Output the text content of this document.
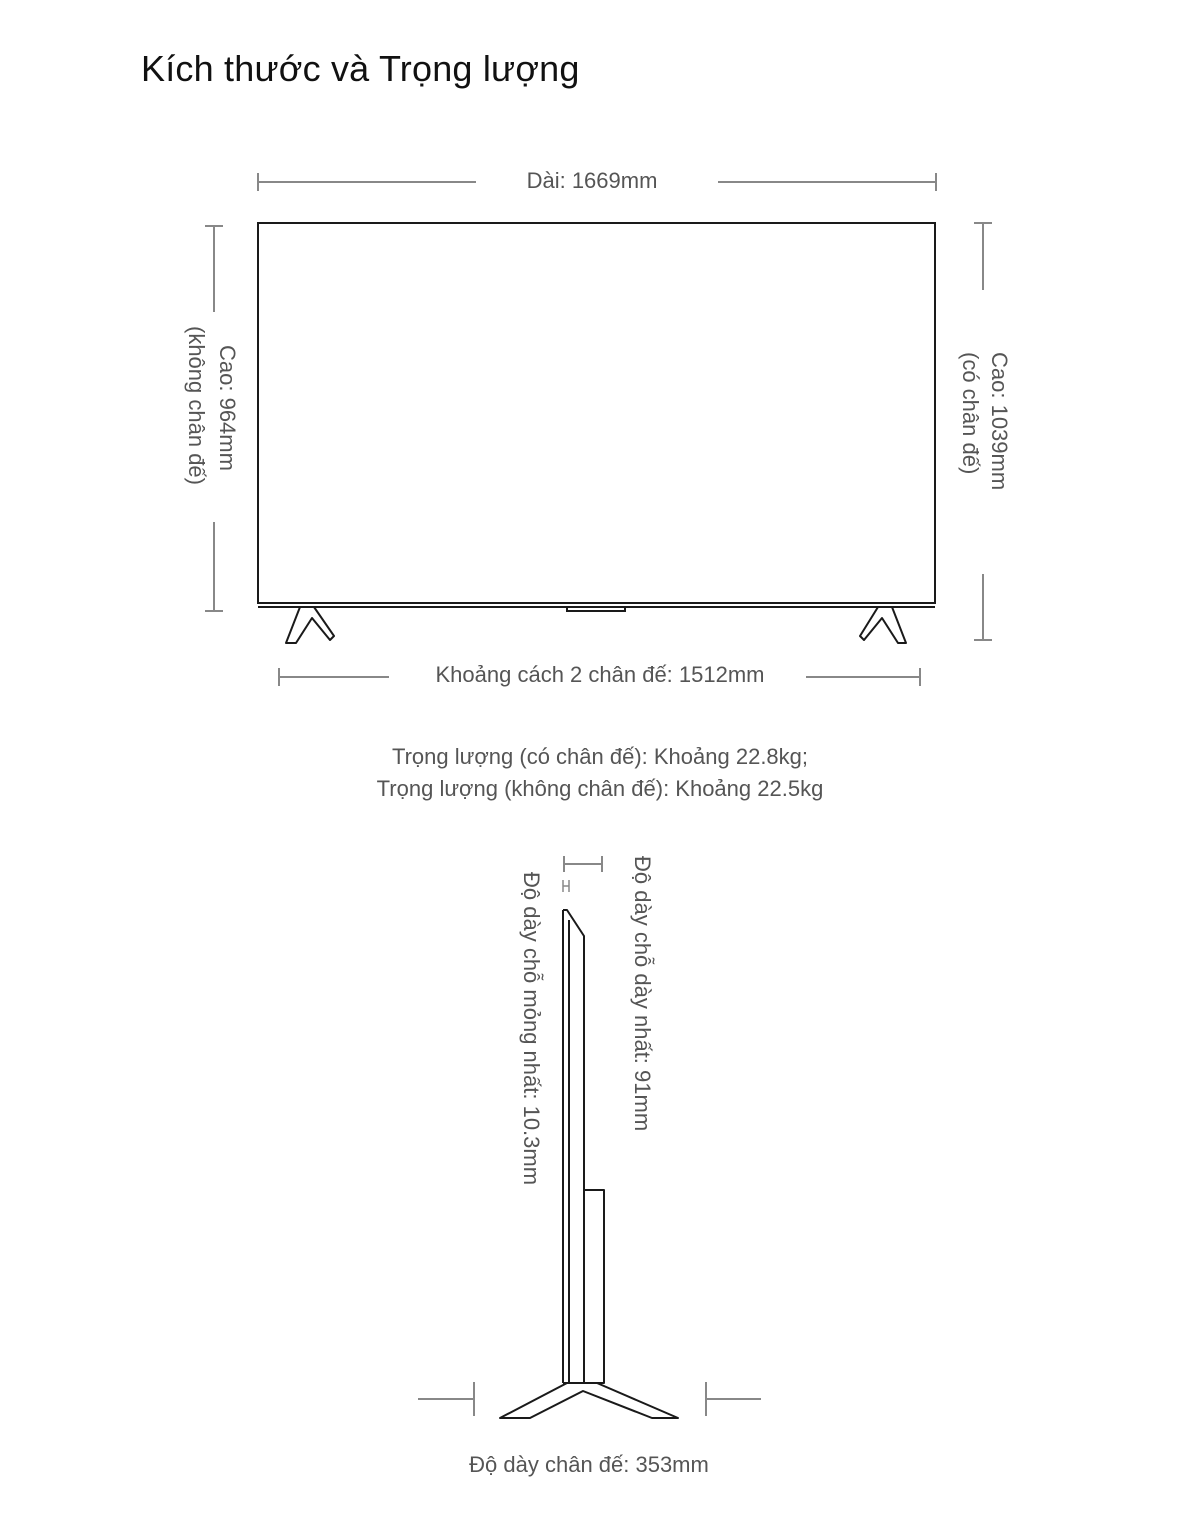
Kích thước và Trọng lượng
Dài: 1669mm
Cao: 964mm
(không chân đế)	Cao: 1039mm
(có chân đế)
Khoảng cách 2 chân đế: 1512mm
Trọng lượng (có chân đế): Khoảng 22.8kg;
Trọng lượng (không chân đế): Khoảng 22.5kg
Độ dày chỗ dày nhất: 91mm
Độ dày chỗ mỏng nhất: 10.3mm
Độ dày chân đế: 353mm
